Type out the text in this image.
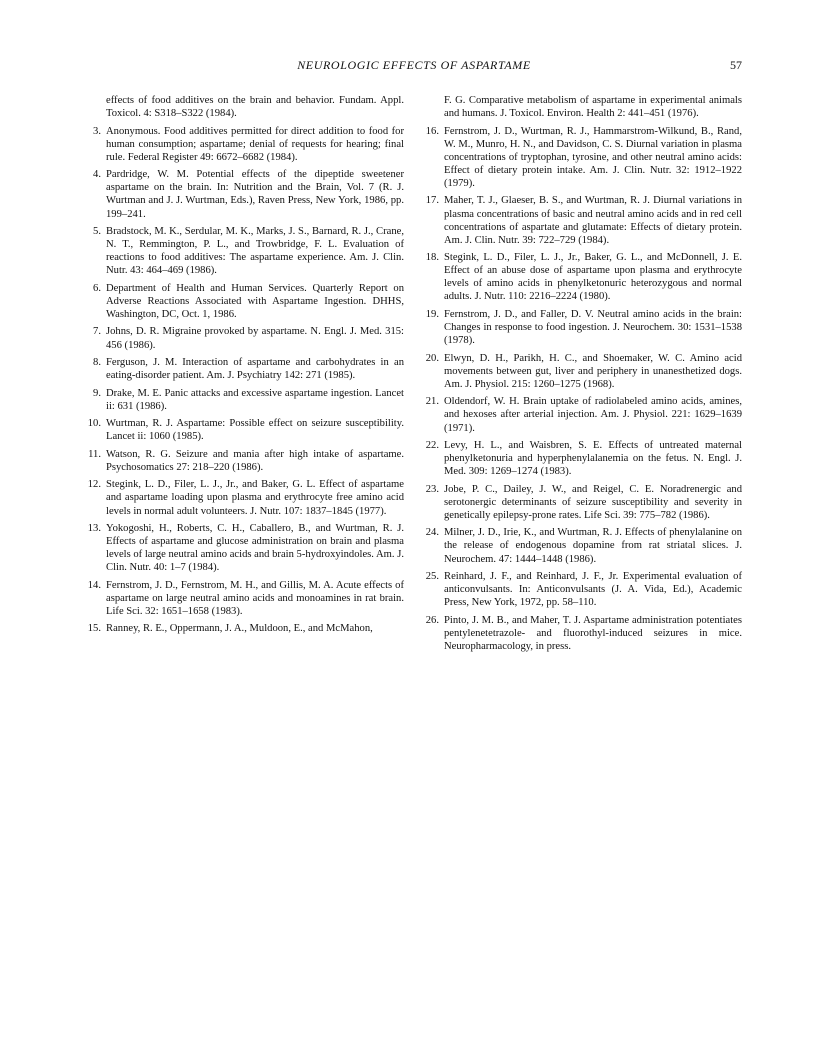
NEUROLOGIC EFFECTS OF ASPARTAME	57
effects of food additives on the brain and behavior. Fundam. Appl. Toxicol. 4: S318–S322 (1984).
3. Anonymous. Food additives permitted for direct addition to food for human consumption; aspartame; denial of requests for hearing; final rule. Federal Register 49: 6672–6682 (1984).
4. Pardridge, W. M. Potential effects of the dipeptide sweetener aspartame on the brain. In: Nutrition and the Brain, Vol. 7 (R. J. Wurtman and J. J. Wurtman, Eds.), Raven Press, New York, 1986, pp. 199–241.
5. Bradstock, M. K., Serdular, M. K., Marks, J. S., Barnard, R. J., Crane, N. T., Remmington, P. L., and Trowbridge, F. L. Evaluation of reactions to food additives: The aspartame experience. Am. J. Clin. Nutr. 43: 464–469 (1986).
6. Department of Health and Human Services. Quarterly Report on Adverse Reactions Associated with Aspartame Ingestion. DHHS, Washington, DC, Oct. 1, 1986.
7. Johns, D. R. Migraine provoked by aspartame. N. Engl. J. Med. 315: 456 (1986).
8. Ferguson, J. M. Interaction of aspartame and carbohydrates in an eating-disorder patient. Am. J. Psychiatry 142: 271 (1985).
9. Drake, M. E. Panic attacks and excessive aspartame ingestion. Lancet ii: 631 (1986).
10. Wurtman, R. J. Aspartame: Possible effect on seizure susceptibility. Lancet ii: 1060 (1985).
11. Watson, R. G. Seizure and mania after high intake of aspartame. Psychosomatics 27: 218–220 (1986).
12. Stegink, L. D., Filer, L. J., Jr., and Baker, G. L. Effect of aspartame and aspartame loading upon plasma and erythrocyte free amino acid levels in normal adult volunteers. J. Nutr. 107: 1837–1845 (1977).
13. Yokogoshi, H., Roberts, C. H., Caballero, B., and Wurtman, R. J. Effects of aspartame and glucose administration on brain and plasma levels of large neutral amino acids and brain 5-hydroxyindoles. Am. J. Clin. Nutr. 40: 1–7 (1984).
14. Fernstrom, J. D., Fernstrom, M. H., and Gillis, M. A. Acute effects of aspartame on large neutral amino acids and monoamines in rat brain. Life Sci. 32: 1651–1658 (1983).
15. Ranney, R. E., Oppermann, J. A., Muldoon, E., and McMahon,
F. G. Comparative metabolism of aspartame in experimental animals and humans. J. Toxicol. Environ. Health 2: 441–451 (1976).
16. Fernstrom, J. D., Wurtman, R. J., Hammarstrom-Wilkund, B., Rand, W. M., Munro, H. N., and Davidson, C. S. Diurnal variation in plasma concentrations of tryptophan, tyrosine, and other neutral amino acids: Effect of dietary protein intake. Am. J. Clin. Nutr. 32: 1912–1922 (1979).
17. Maher, T. J., Glaeser, B. S., and Wurtman, R. J. Diurnal variations in plasma concentrations of basic and neutral amino acids and in red cell concentrations of aspartate and glutamate: Effects of dietary protein. Am. J. Clin. Nutr. 39: 722–729 (1984).
18. Stegink, L. D., Filer, L. J., Jr., Baker, G. L., and McDonnell, J. E. Effect of an abuse dose of aspartame upon plasma and erythrocyte levels of amino acids in phenylketonuric heterozygous and normal adults. J. Nutr. 110: 2216–2224 (1980).
19. Fernstrom, J. D., and Faller, D. V. Neutral amino acids in the brain: Changes in response to food ingestion. J. Neurochem. 30: 1531–1538 (1978).
20. Elwyn, D. H., Parikh, H. C., and Shoemaker, W. C. Amino acid movements between gut, liver and periphery in unanesthetized dogs. Am. J. Physiol. 215: 1260–1275 (1968).
21. Oldendorf, W. H. Brain uptake of radiolabeled amino acids, amines, and hexoses after arterial injection. Am. J. Physiol. 221: 1629–1639 (1971).
22. Levy, H. L., and Waisbren, S. E. Effects of untreated maternal phenylketonuria and hyperphenylalanemia on the fetus. N. Engl. J. Med. 309: 1269–1274 (1983).
23. Jobe, P. C., Dailey, J. W., and Reigel, C. E. Noradrenergic and serotonergic determinants of seizure susceptibility and severity in genetically epilepsy-prone rates. Life Sci. 39: 775–782 (1986).
24. Milner, J. D., Irie, K., and Wurtman, R. J. Effects of phenylalanine on the release of endogenous dopamine from rat striatal slices. J. Neurochem. 47: 1444–1448 (1986).
25. Reinhard, J. F., and Reinhard, J. F., Jr. Experimental evaluation of anticonvulsants. In: Anticonvulsants (J. A. Vida, Ed.), Academic Press, New York, 1972, pp. 58–110.
26. Pinto, J. M. B., and Maher, T. J. Aspartame administration potentiates pentylenetetrazole- and fluorothyl-induced seizures in mice. Neuropharmacology, in press.
